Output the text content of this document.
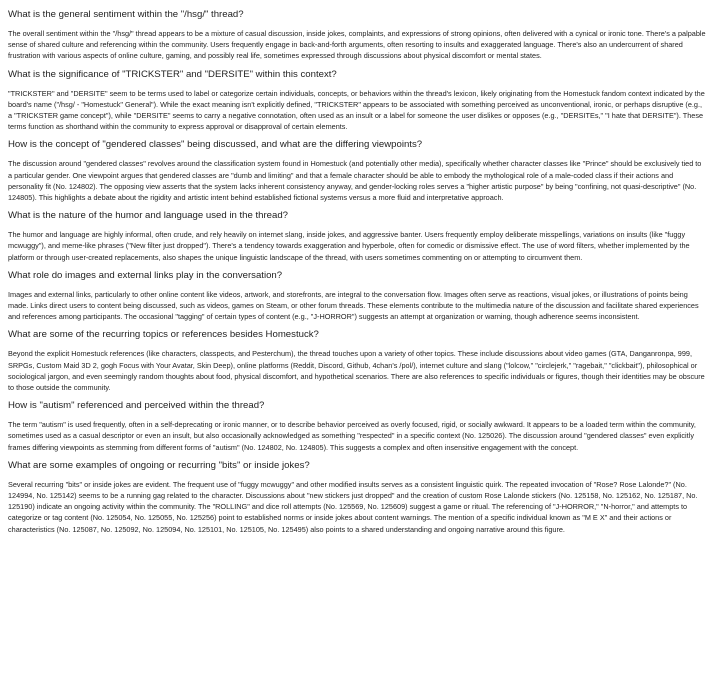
What is the general sentiment within the "/hsg/" thread?

The overall sentiment within the "/hsg/" thread appears to be a mixture of casual discussion, inside jokes, complaints, and expressions of strong opinions, often delivered with a cynical or ironic tone. There's a palpable sense of shared culture and referencing within the community. Users frequently engage in back-and-forth arguments, often resorting to insults and exaggerated language. There's also an undercurrent of shared frustration with various aspects of online culture, gaming, and possibly real life, sometimes expressed through discussions about physical discomfort or mental states.

What is the significance of "TRICKSTER" and "DERSITE" within this context?

"TRICKSTER" and "DERSITE" seem to be terms used to label or categorize certain individuals, concepts, or behaviors within the thread's lexicon, likely originating from the Homestuck fandom context indicated by the board's name ("/hsg/ - "Homestuck" General"). While the exact meaning isn't explicitly defined, "TRICKSTER" appears to be associated with something perceived as unconventional, ironic, or perhaps disruptive (e.g., a "TRICKSTER game concept"), while "DERSITE" seems to carry a negative connotation, often used as an insult or a label for someone the user dislikes or opposes (e.g., "DERSITEs," "I hate that DERSITE"). These terms function as shorthand within the community to express approval or disapproval of certain elements.

How is the concept of "gendered classes" being discussed, and what are the differing viewpoints?

The discussion around "gendered classes" revolves around the classification system found in Homestuck (and potentially other media), specifically whether character classes like "Prince" should be exclusively tied to a particular gender. One viewpoint argues that gendered classes are "dumb and limiting" and that a female character should be able to embody the mythological role of a male-coded class if their actions and personality fit (No. 124802). The opposing view asserts that the system lacks inherent consistency anyway, and gender-locking roles serves a "higher artistic purpose" by being "confining, not quasi-descriptive" (No. 124805). This highlights a debate about the rigidity and artistic intent behind established fictional systems versus a more fluid and interpretative approach.

What is the nature of the humor and language used in the thread?

The humor and language are highly informal, often crude, and rely heavily on internet slang, inside jokes, and aggressive banter. Users frequently employ deliberate misspellings, variations on insults (like "fuggy mcwuggy"), and meme-like phrases ("New filter just dropped"). There's a tendency towards exaggeration and hyperbole, often for comedic or dismissive effect. The use of word filters, whether implemented by the platform or through user-created replacements, also shapes the unique linguistic landscape of the thread, with users sometimes commenting on or attempting to circumvent them.

What role do images and external links play in the conversation?

Images and external links, particularly to other online content like videos, artwork, and storefronts, are integral to the conversation flow. Images often serve as reactions, visual jokes, or illustrations of points being made. Links direct users to content being discussed, such as videos, games on Steam, or other forum threads. These elements contribute to the multimedia nature of the discussion and facilitate shared experiences and references among participants. The occasional "tagging" of certain types of content (e.g., "J-HORROR") suggests an attempt at organization or warning, though adherence seems inconsistent.

What are some of the recurring topics or references besides Homestuck?

Beyond the explicit Homestuck references (like characters, classpects, and Pesterchum), the thread touches upon a variety of other topics. These include discussions about video games (GTA, Danganronpa, 999, SRPGs, Custom Maid 3D 2, gogh Focus with Your Avatar, Skin Deep), online platforms (Reddit, Discord, Github, 4chan's /pol/), internet culture and slang ("lolcow," "circlejerk," "ragebait," "clickbait"), philosophical or sociological jargon, and even seemingly random thoughts about food, physical discomfort, and hypothetical scenarios. There are also references to specific individuals or figures, though their identities may be obscure to those outside the community.

How is "autism" referenced and perceived within the thread?

The term "autism" is used frequently, often in a self-deprecating or ironic manner, or to describe behavior perceived as overly focused, rigid, or socially awkward. It appears to be a loaded term within the community, sometimes used as a casual descriptor or even an insult, but also occasionally acknowledged as something "respected" in a specific context (No. 125026). The discussion around "gendered classes" even explicitly frames differing viewpoints as stemming from different forms of "autism" (No. 124802, No. 124805). This suggests a complex and often insensitive engagement with the concept.

What are some examples of ongoing or recurring "bits" or inside jokes?

Several recurring "bits" or inside jokes are evident. The frequent use of "fuggy mcwuggy" and other modified insults serves as a consistent linguistic quirk. The repeated invocation of "Rose? Rose Lalonde?" (No. 124994, No. 125142) seems to be a running gag related to the character. Discussions about "new stickers just dropped" and the creation of custom Rose Lalonde stickers (No. 125158, No. 125162, No. 125187, No. 125190) indicate an ongoing activity within the community. The "ROLLING" and dice roll attempts (No. 125569, No. 125609) suggest a game or ritual. The referencing of "J-HORROR," "N-horror," and attempts to categorize or tag content (No. 125054, No. 125055, No. 125256) point to established norms or inside jokes about content warnings. The mention of a specific individual known as "M E X" and their actions or characteristics (No. 125087, No. 125092, No. 125094, No. 125101, No. 125105, No. 125495) also points to a shared understanding and ongoing narrative around this figure.
